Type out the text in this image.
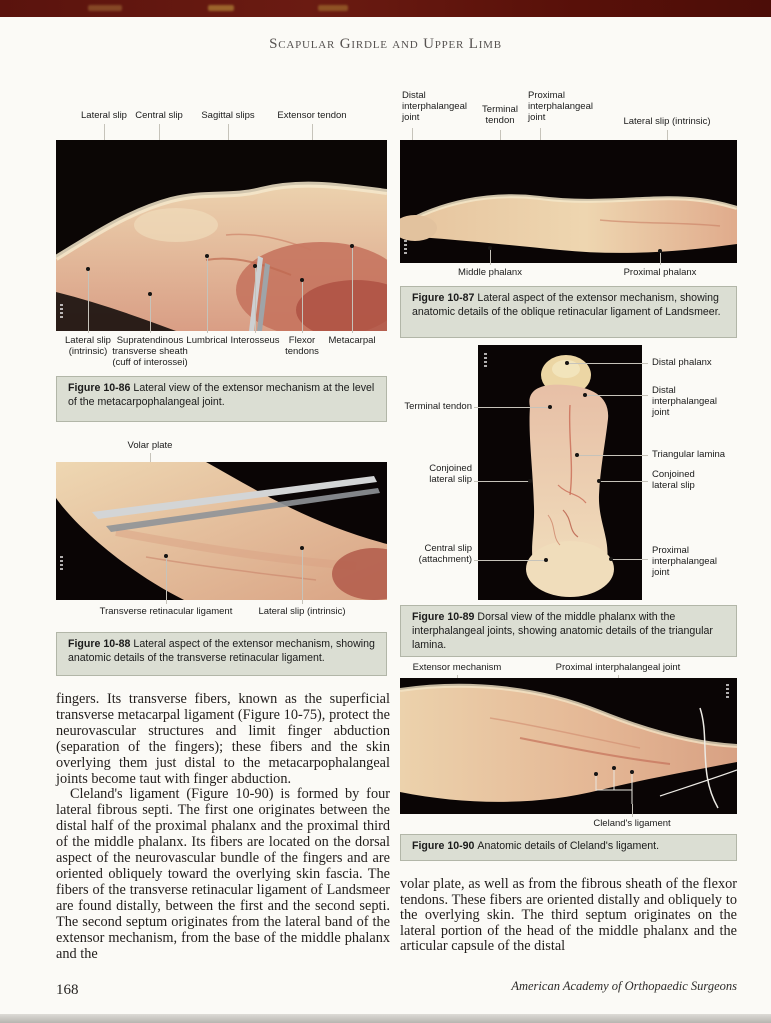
Scapular Girdle and Upper Limb
Lateral slip Central slip Sagittal slips Extensor tendon
Lateral slip (intrinsic)
Supratendinous transverse sheath (cuff of interossei)
Lumbrical Interosseus Flexor tendons
Metacarpal
Figure 10-86 Lateral view of the extensor mechanism at the level of the metacarpophalangeal joint.
Volar plate
Transverse retinacular ligament	Lateral slip (intrinsic)
Figure 10-88 Lateral aspect of the extensor mechanism, showing anatomic details of the transverse retinacular ligament.

fingers. Its transverse fibers, known as the superficial transverse metacarpal ligament (Figure 10-75), protect the neurovascular structures and limit finger abduction (separation of the fingers); these fibers and the skin overlying them just distal to the metacarpophalangeal joints become taut with finger abduction.

Cleland's ligament (Figure 10-90) is formed by four lateral fibrous septi. The first one originates between the distal half of the proximal phalanx and the proximal third of the middle phalanx. Its fibers are located on the dorsal aspect of the neurovascular bundle of the fingers and are oriented obliquely toward the overlying skin fascia. The fibers of the transverse retinacular ligament of Landsmeer are found distally, between the first and the second septi. The second septum originates from the lateral band of the extensor mechanism, from the base of the middle phalanx and the

Distal interphalangeal joint
Terminal tendon
Proximal interphalangeal joint	Lateral slip (intrinsic)
Middle phalanx	Proximal phalanx
Figure 10-87 Lateral aspect of the extensor mechanism, showing anatomic details of the oblique retinacular ligament of Landsmeer.
Terminal tendon
Conjoined lateral slip
Central slip (attachment)
Distal phalanx
Distal interphalangeal joint
Triangular lamina
Conjoined lateral slip
Proximal interphalangeal joint
Figure 10-89 Dorsal view of the middle phalanx with the interphalangeal joints, showing anatomic details of the triangular lamina.
Extensor mechanism	Proximal interphalangeal joint
Cleland's ligament
Figure 10-90 Anatomic details of Cleland's ligament.

volar plate, as well as from the fibrous sheath of the flexor tendons. These fibers are oriented distally and obliquely to the overlying skin. The third septum originates on the lateral portion of the head of the middle phalanx and the articular capsule of the distal

168	American Academy of Orthopaedic Surgeons
